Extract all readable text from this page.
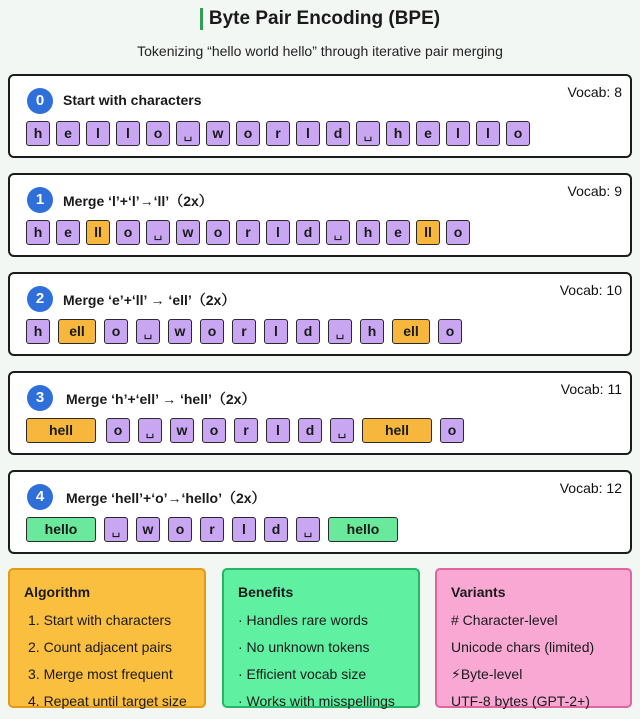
Byte Pair Encoding (BPE)
Tokenizing “hello world hello” through iterative pair merging
0	Start with characters	Vocab: 8
h	e	l	l	o	␣	w	o	r	l	d	␣	h	e	l	l	o
1	Merge ‘l’+‘l’→‘ll’（2x）
Vocab: 9
h	e	ll	o	␣	w	o	r	l	d	␣	h	e	ll	o
2	Merge ‘e’+‘ll’ → ‘ell’（2x）
Vocab: 10
h	ell	o	␣	w	o	r	l	d	␣	h	ell	o
3	Merge ‘h’+‘ell’ → ‘hell’（2x）
Vocab: 11
hell	o	␣	w	o	r	l	d	␣	hell	o
4	Merge ‘hell’+‘o’→‘hello’（2x）
Vocab: 12
hello	␣	w	o	r	l	d	␣	hello
Algorithm
1. Start with characters
2. Count adjacent pairs
3. Merge most frequent
4. Repeat until target size
Benefits
· Handles rare words
· No unknown tokens
· Efficient vocab size
· Works with misspellings
Variants
# Character-level
Unicode chars (limited)
⚡Byte-level
UTF-8 bytes (GPT-2+)
